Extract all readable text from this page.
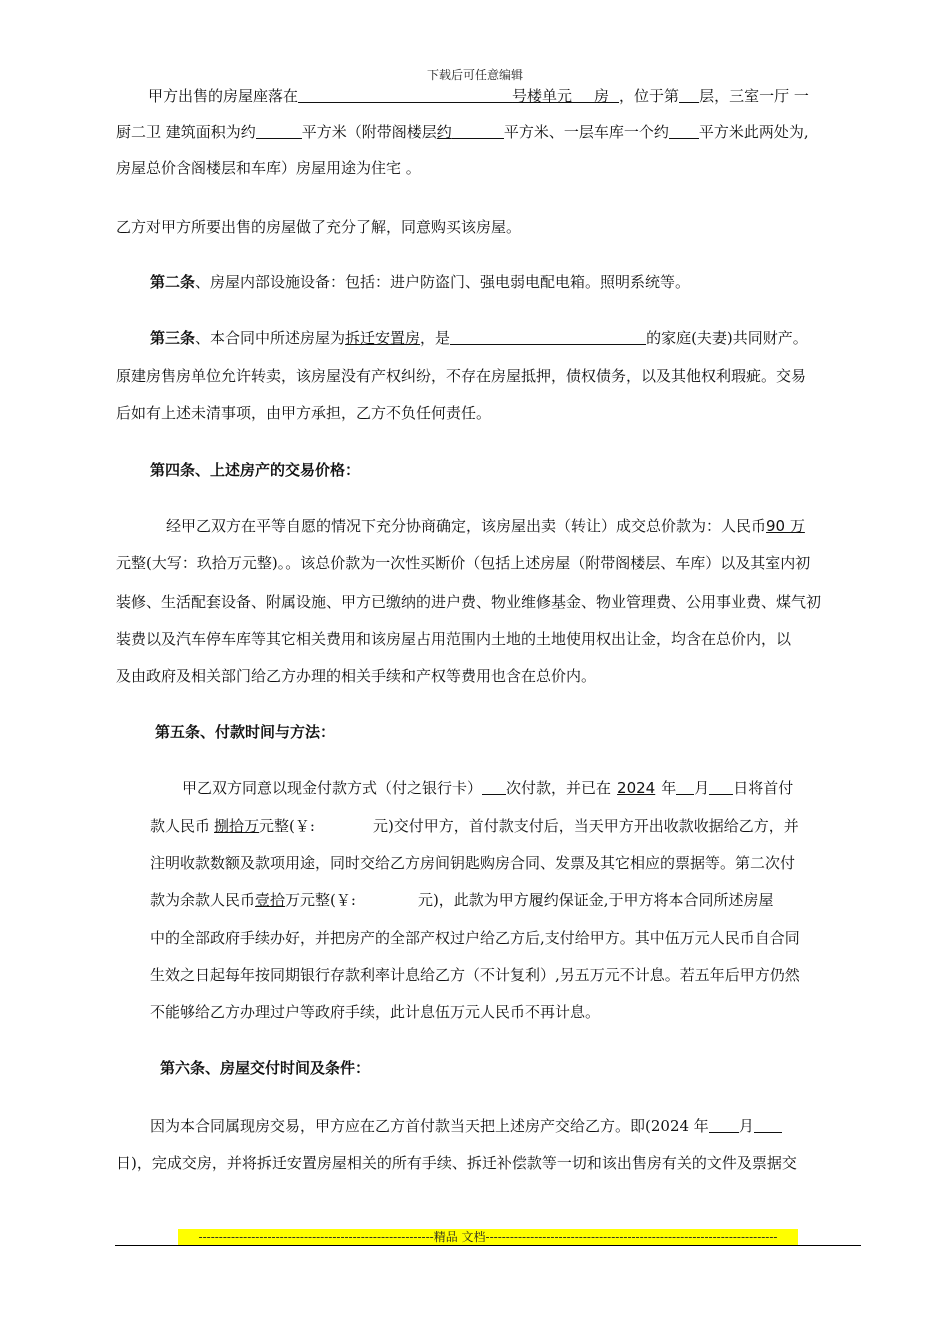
下载后可任意编辑
甲方出售的房屋座落在	号楼单元 房 ，位于第 层，三室一厅 一
厨二卫 建筑面积为约	平方米（附带阁楼层约	平方米、一层车库一个约 平方米此两处为,
房屋总价含阁楼层和车库）房屋用途为住宅 。
乙方对甲方所要出售的房屋做了充分了解，同意购买该房屋。
第二条、房屋内部设施设备：包括：进户防盗门、强电弱电配电箱。照明系统等。
第三条、本合同中所述房屋为拆迁安置房，是	的家庭(夫妻)共同财产。
原建房售房单位允许转卖，该房屋没有产权纠纷，不存在房屋抵押，债权债务，以及其他权利瑕疵。交易
后如有上述未清事项，由甲方承担，乙方不负任何责任。
第四条、上述房产的交易价格：
经甲乙双方在平等自愿的情况下充分协商确定，该房屋出卖（转让）成交总价款为：人民币90 万
元整(大写：玖拾万元整)。。该总价款为一次性买断价（包括上述房屋（附带阁楼层、车库）以及其室内初
装修、生活配套设备、附属设施、甲方已缴纳的进户费、物业维修基金、物业管理费、公用事业费、煤气初
装费以及汽车停车库等其它相关费用和该房屋占用范围内土地的土地使用权出让金，均含在总价内，以
及由政府及相关部门给乙方办理的相关手续和产权等费用也含在总价内。
第五条、付款时间与方法：
甲乙双方同意以现金付款方式（付之银行卡） 次付款，并已在 2024 年 月 日将首付
款人民币 捌拾万元整(￥:	元)交付甲方，首付款支付后，当天甲方开出收款收据给乙方，并
注明收款数额及款项用途，同时交给乙方房间钥匙购房合同、发票及其它相应的票据等。第二次付
款为余款人民币壹拾万元整(￥:	元)，此款为甲方履约保证金,于甲方将本合同所述房屋
中的全部政府手续办好，并把房产的全部产权过户给乙方后,支付给甲方。其中伍万元人民币自合同
生效之日起每年按同期银行存款利率计息给乙方（不计复利）,另五万元不计息。若五年后甲方仍然
不能够给乙方办理过户等政府手续，此计息伍万元人民币不再计息。
第六条、房屋交付时间及条件：
因为本合同属现房交易，甲方应在乙方首付款当天把上述房产交给乙方。即(2024 年 月
日)，完成交房，并将拆迁安置房屋相关的所有手续、拆迁补偿款等一切和该出售房有关的文件及票据交
----------------------------------------------------------精品 文档------------------------------------------------------------------------
